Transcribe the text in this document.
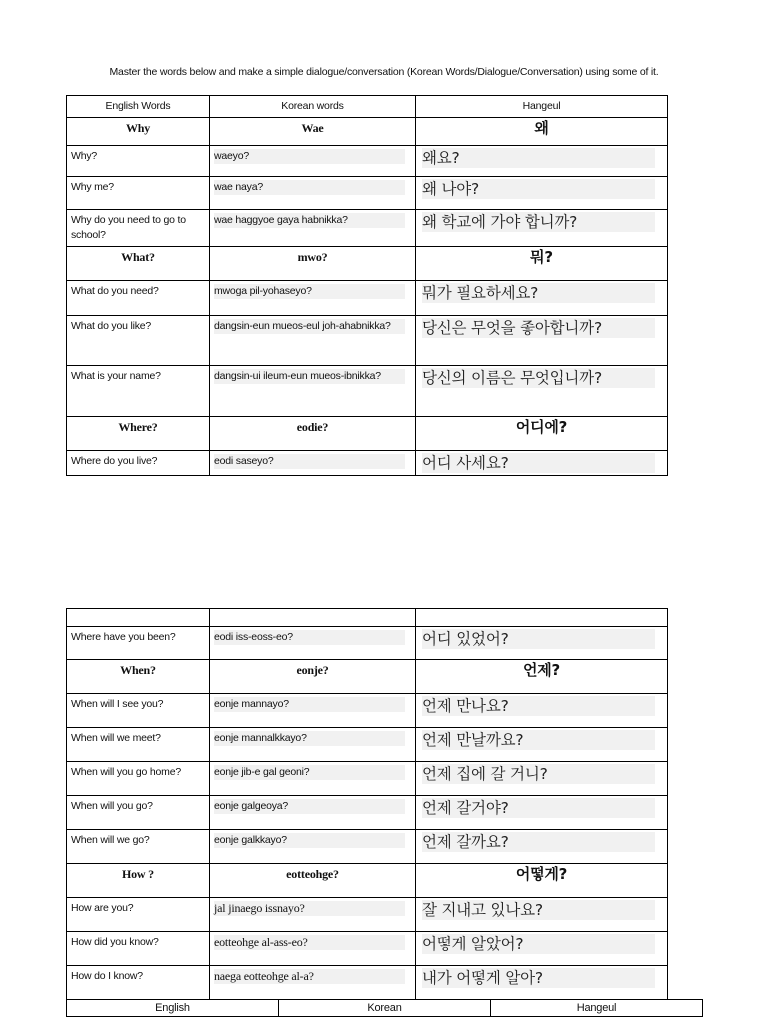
Master the words below and make a simple dialogue/conversation (Korean Words/Dialogue/Conversation) using some of it.
English Words	Korean words	Hangeul

Why	Wae	왜

Why?	waeyo?	왜요?

Why me?	wae naya?	왜 나야?

Why do you need to go to school?	wae haggyoe gaya habnikka?	왜 학교에 가야 합니까?

What?	mwo?	뭐?

What do you need?	mwoga pil-yohaseyo?	뭐가 필요하세요?

What do you like?	dangsin-eun mueos-eul joh-ahabnikka?	당신은 무엇을 좋아합니까?

What is your name?	dangsin-ui ileum-eun mueos-ibnikka?	당신의 이름은 무엇입니까?

Where?	eodie?	어디에?

Where do you live?	eodi saseyo?	어디 사세요?

Where have you been?	eodi iss-eoss-eo?	어디 있었어?

When?	eonje?	언제?

When will I see you?	eonje mannayo?	언제 만나요?

When will we meet?	eonje mannalkkayo?	언제 만날까요?

When will you go home?	eonje jib-e gal geoni?	언제 집에 갈 거니?

When will you go?	eonje galgeoya?	언제 갈거야?

When will we go?	eonje galkkayo?	언제 갈까요?

How ?	eotteohge?	어떻게?

How are you?	jal jinaego issnayo?	잘 지내고 있나요?

How did you know?	eotteohge al-ass-eo?	어떻게 알았어?

How do I know?	naega eotteohge al-a?	내가 어떻게 알아?
English	Korean	Hangeul
